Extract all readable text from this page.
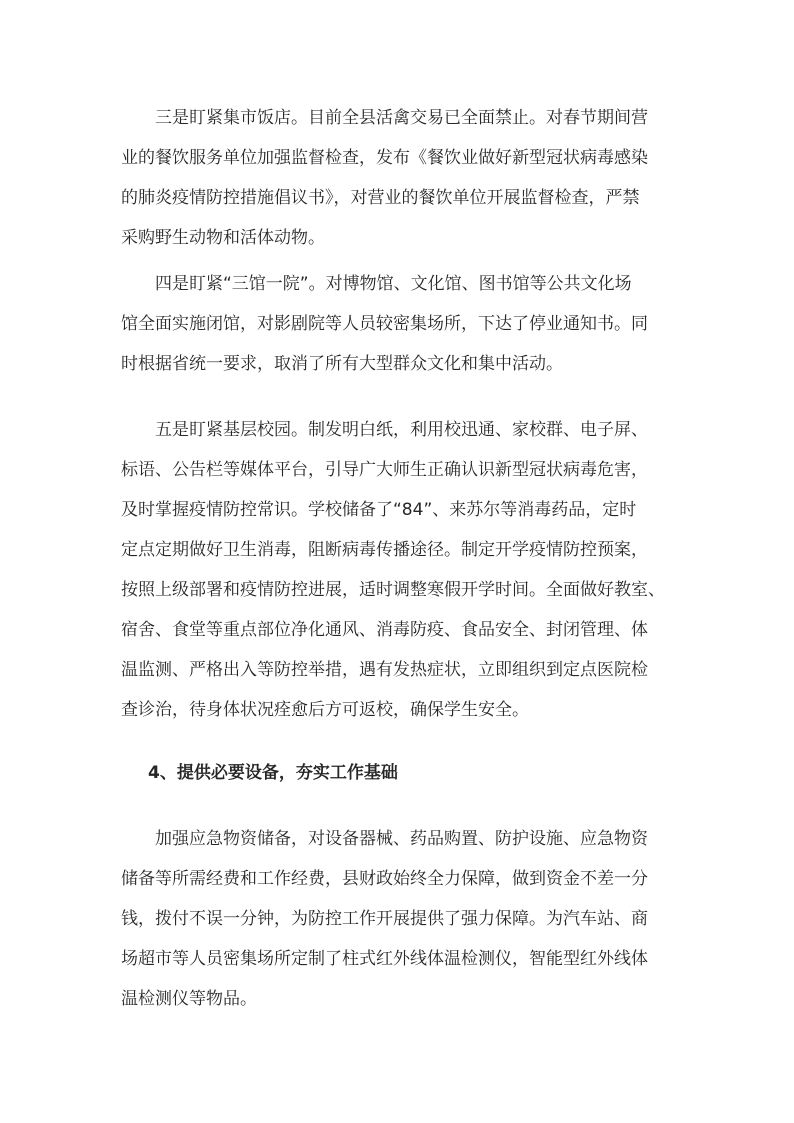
　　三是盯紧集市饭店。目前全县活禽交易已全面禁止。对春节期间营
业的餐饮服务单位加强监督检查，发布《餐饮业做好新型冠状病毒感染
的肺炎疫情防控措施倡议书》，对营业的餐饮单位开展监督检查，严禁
采购野生动物和活体动物。

　　四是盯紧“三馆一院”。对博物馆、文化馆、图书馆等公共文化场
馆全面实施闭馆，对影剧院等人员较密集场所，下达了停业通知书。同
时根据省统一要求，取消了所有大型群众文化和集中活动。

　　五是盯紧基层校园。制发明白纸，利用校迅通、家校群、电子屏、
标语、公告栏等媒体平台，引导广大师生正确认识新型冠状病毒危害，
及时掌握疫情防控常识。学校储备了“84”、来苏尔等消毒药品，定时
定点定期做好卫生消毒，阻断病毒传播途径。制定开学疫情防控预案，
按照上级部署和疫情防控进展，适时调整寒假开学时间。全面做好教室、
宿舍、食堂等重点部位净化通风、消毒防疫、食品安全、封闭管理、体
温监测、严格出入等防控举措，遇有发热症状，立即组织到定点医院检
查诊治，待身体状况痊愈后方可返校，确保学生安全。

4、提供必要设备，夯实工作基础

　　加强应急物资储备，对设备器械、药品购置、防护设施、应急物资
储备等所需经费和工作经费，县财政始终全力保障，做到资金不差一分
钱，拨付不误一分钟，为防控工作开展提供了强力保障。为汽车站、商
场超市等人员密集场所定制了柱式红外线体温检测仪，智能型红外线体
温检测仪等物品。
